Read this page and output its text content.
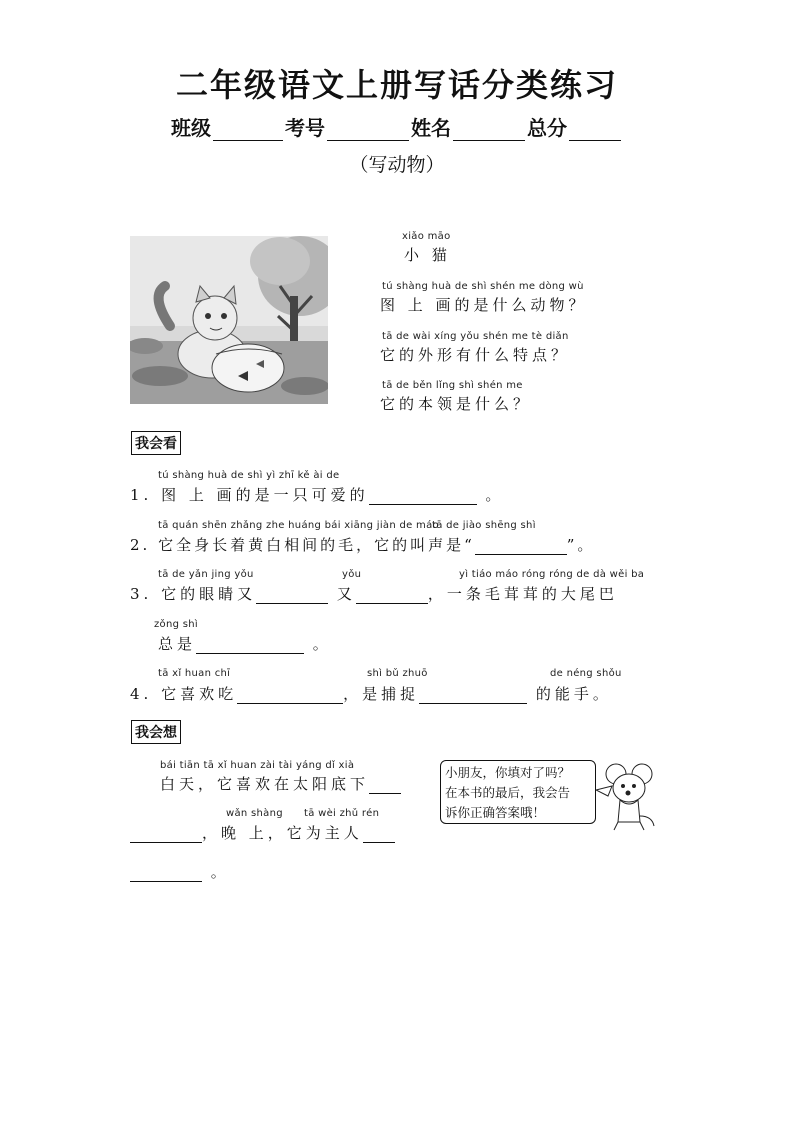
二年级语文上册写话分类练习
班级	考号	姓名	总分
（写动物）
xiǎo māo
小 猫
tú shàng huà de shì shén me dòng wù
图 上 画的是什么动物？
tā de wài xíng yǒu shén me tè diǎn
它的外形有什么特点？
tā de běn lǐng shì shén me
它的本领是什么？
我会看
tú shàng huà de shì yì zhī kě ài de
1. 图 上 画的是一只可爱的	。
tā quán shēn zhǎng zhe huáng bái xiāng jiàn de máo
tā de jiào shēng shì
2. 它全身长着黄白相间的毛，它的叫声是“	”。
tā de yǎn jing yǒu	yǒu	yì tiáo máo róng róng de dà wěi ba
3. 它的眼睛又	又	，一条毛茸茸的大尾巴
zǒng shì
总是	。
tā xǐ huan chī	shì bǔ zhuō	de néng shǒu
4. 它喜欢吃	，是捕捉	的能手。
我会想
bái tiān tā xǐ huan zài tài yáng dǐ xià
白天，它喜欢在太阳底下
wǎn shàng tā wèi zhǔ rén
，晚 上，它为主人
。
小朋友，你填对了吗？
在本书的最后，我会告
诉你正确答案哦！
